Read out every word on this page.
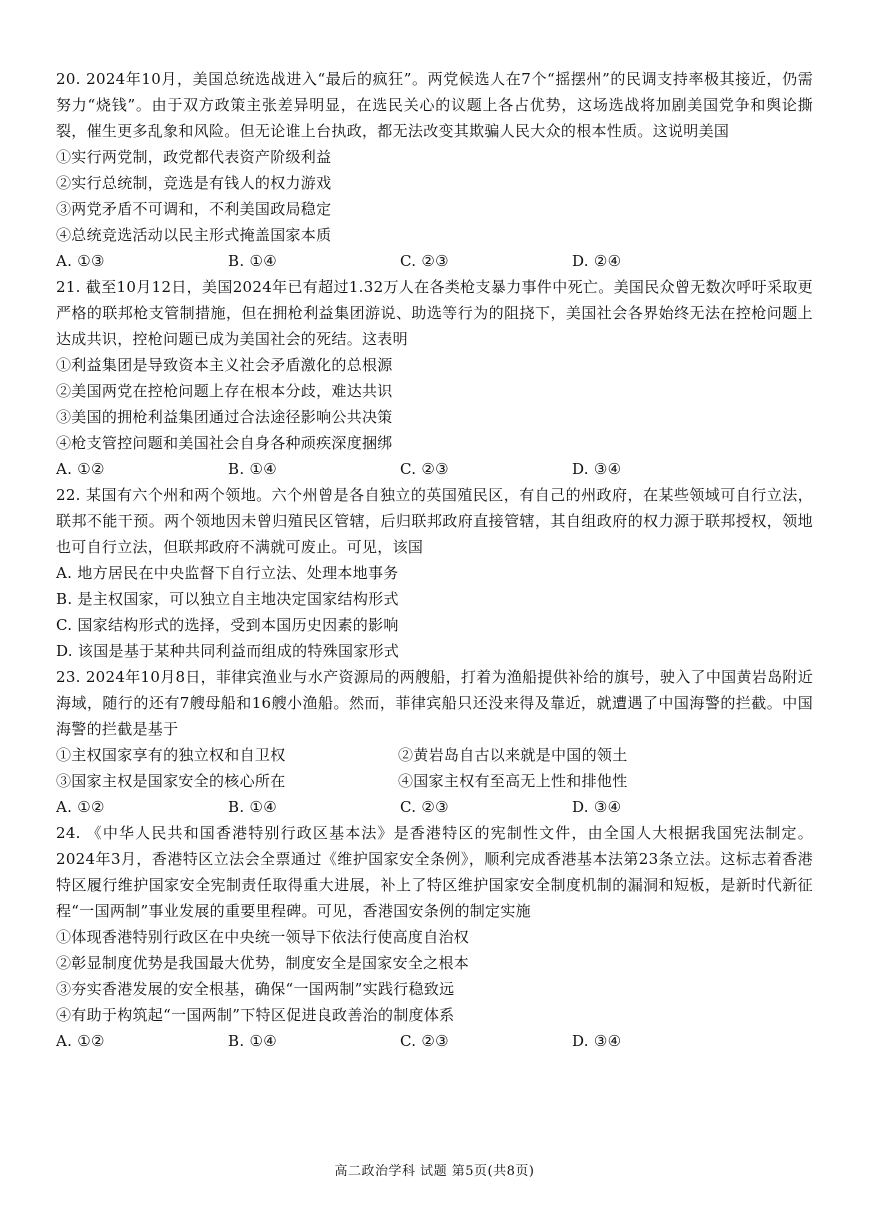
20. 2024年10月，美国总统选战进入“最后的疯狂”。两党候选人在7个“摇摆州”的民调支持率极其接近，仍需努力“烧钱”。由于双方政策主张差异明显，在选民关心的议题上各占优势，这场选战将加剧美国党争和舆论撕裂，催生更多乱象和风险。但无论谁上台执政，都无法改变其欺骗人民大众的根本性质。这说明美国

①实行两党制，政党都代表资产阶级利益

②实行总统制，竞选是有钱人的权力游戏

③两党矛盾不可调和，不利美国政局稳定

④总统竞选活动以民主形式掩盖国家本质

A. ①③	B. ①④	C. ②③	D. ②④

21. 截至10月12日，美国2024年已有超过1.32万人在各类枪支暴力事件中死亡。美国民众曾无数次呼吁采取更严格的联邦枪支管制措施，但在拥枪利益集团游说、助选等行为的阻挠下，美国社会各界始终无法在控枪问题上达成共识，控枪问题已成为美国社会的死结。这表明

①利益集团是导致资本主义社会矛盾激化的总根源

②美国两党在控枪问题上存在根本分歧，难达共识

③美国的拥枪利益集团通过合法途径影响公共决策

④枪支管控问题和美国社会自身各种顽疾深度捆绑

A. ①②	B. ①④	C. ②③	D. ③④

22. 某国有六个州和两个领地。六个州曾是各自独立的英国殖民区，有自己的州政府，在某些领域可自行立法，联邦不能干预。两个领地因未曾归殖民区管辖，后归联邦政府直接管辖，其自组政府的权力源于联邦授权，领地也可自行立法，但联邦政府不满就可废止。可见，该国

A. 地方居民在中央监督下自行立法、处理本地事务

B. 是主权国家，可以独立自主地决定国家结构形式

C. 国家结构形式的选择，受到本国历史因素的影响

D. 该国是基于某种共同利益而组成的特殊国家形式

23. 2024年10月8日，菲律宾渔业与水产资源局的两艘船，打着为渔船提供补给的旗号，驶入了中国黄岩岛附近海域，随行的还有7艘母船和16艘小渔船。然而，菲律宾船只还没来得及靠近，就遭遇了中国海警的拦截。中国海警的拦截是基于

①主权国家享有的独立权和自卫权	②黄岩岛自古以来就是中国的领土
③国家主权是国家安全的核心所在	④国家主权有至高无上性和排他性
A. ①②	B. ①④	C. ②③	D. ③④

24. 《中华人民共和国香港特别行政区基本法》是香港特区的宪制性文件，由全国人大根据我国宪法制定。2024年3月，香港特区立法会全票通过《维护国家安全条例》，顺利完成香港基本法第23条立法。这标志着香港特区履行维护国家安全宪制责任取得重大进展，补上了特区维护国家安全制度机制的漏洞和短板，是新时代新征程“一国两制”事业发展的重要里程碑。可见，香港国安条例的制定实施

①体现香港特别行政区在中央统一领导下依法行使高度自治权

②彰显制度优势是我国最大优势，制度安全是国家安全之根本

③夯实香港发展的安全根基，确保“一国两制”实践行稳致远

④有助于构筑起“一国两制”下特区促进良政善治的制度体系

A. ①②	B. ①④	C. ②③	D. ③④
高二政治学科 试题 第5页(共8页)
